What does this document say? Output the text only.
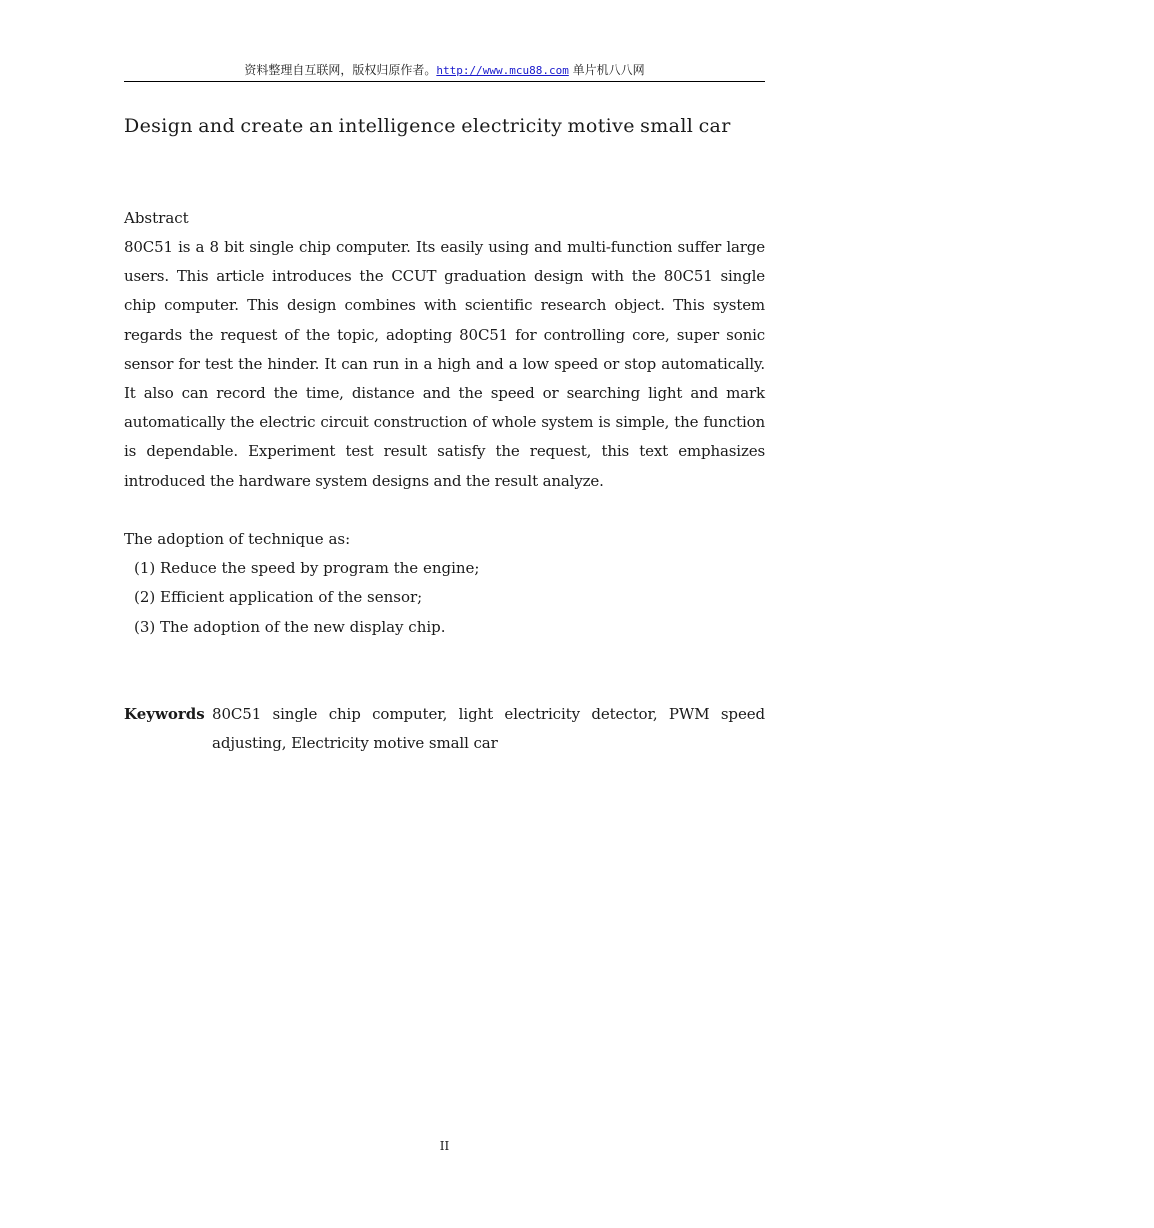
资料整理自互联网，版权归原作者。http://www.mcu88.com 单片机八八网
Design and create an intelligence electricity motive small car
Abstract

80C51 is a 8 bit single chip computer. Its easily using and multi-function suffer large users. This article introduces the CCUT graduation design with the 80C51 single chip computer. This design combines with scientific research object. This system regards the request of the topic, adopting 80C51 for controlling core, super sonic sensor for test the hinder. It can run in a high and a low speed or stop automatically. It also can record the time, distance and the speed or searching light and mark automatically the electric circuit construction of whole system is simple, the function is dependable. Experiment test result satisfy the request, this text emphasizes introduced the hardware system designs and the result analyze.

The adoption of technique as:
(1) Reduce the speed by program the engine;
(2) Efficient application of the sensor;
(3) The adoption of the new display chip.
Keywords 80C51 single chip computer, light electricity detector, PWM speed adjusting, Electricity motive small car
II
